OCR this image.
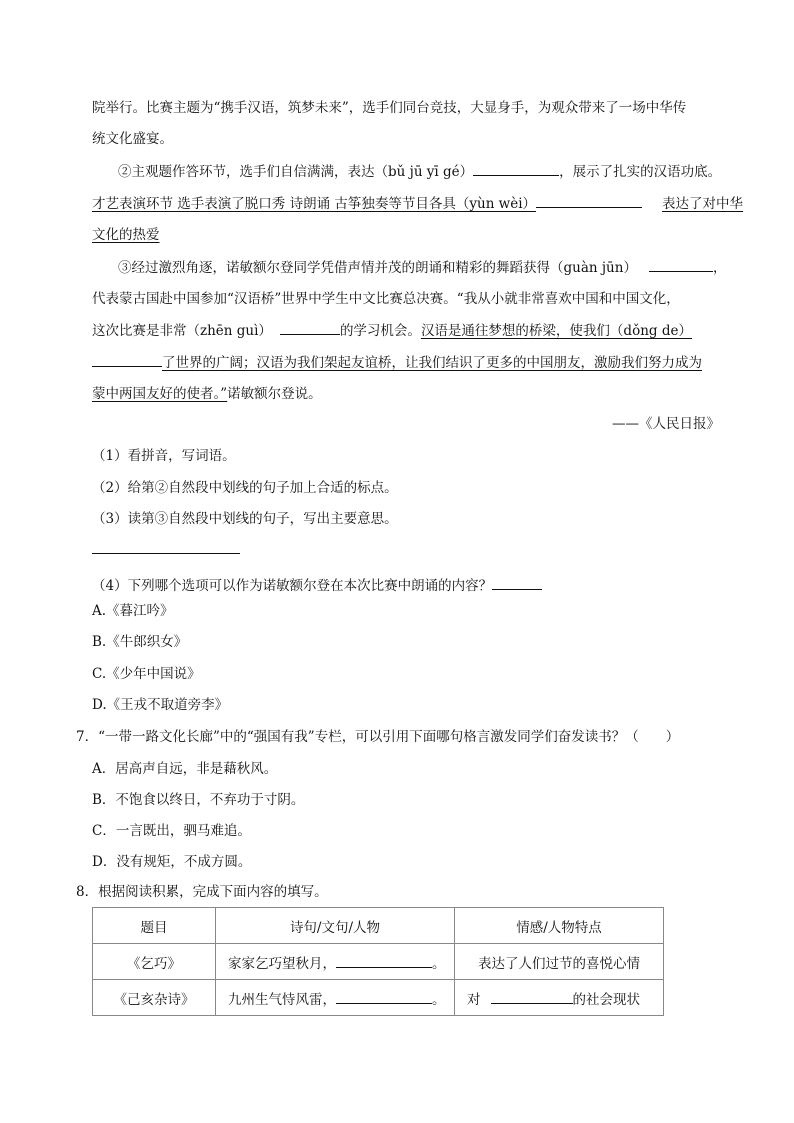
院举行。比赛主题为“携手汉语，筑梦未来”，选手们同台竞技，大显身手，为观众带来了一场中华传
统文化盛宴。
②主观题作答环节，选手们自信满满，表达（bǔ jū yī gé）	，展示了扎实的汉语功底。
才艺表演环节 选手表演了脱口秀 诗朗诵 古筝独奏等节目各具（yùn wèi）	表达了对中华
文化的热爱
③经过激烈角逐，诺敏额尔登同学凭借声情并茂的朗诵和精彩的舞蹈获得（guàn jūn）	，
代表蒙古国赴中国参加“汉语桥”世界中学生中文比赛总决赛。“我从小就非常喜欢中国和中国文化，
这次比赛是非常（zhēn guì）	的学习机会。汉语是通往梦想的桥梁，使我们（dǒng de）
了世界的广阔；汉语为我们架起友谊桥，让我们结识了更多的中国朋友，激励我们努力成为
蒙中两国友好的使者。”诺敏额尔登说。
——《人民日报》
（1）看拼音，写词语。
（2）给第②自然段中划线的句子加上合适的标点。
（3）读第③自然段中划线的句子，写出主要意思。
（4）下列哪个选项可以作为诺敏额尔登在本次比赛中朗诵的内容？
A.《暮江吟》
B.《牛郎织女》
C.《少年中国说》
D.《王戎不取道旁李》
7．“一带一路文化长廊”中的“强国有我”专栏，可以引用下面哪句格言激发同学们奋发读书？（　　）
A．居高声自远，非是藉秋风。
B．不饱食以终日，不弃功于寸阴。
C．一言既出，驷马难追。
D．没有规矩，不成方圆。
8．根据阅读积累，完成下面内容的填写。
题目	诗句/文句/人物	情感/人物特点
《乞巧》	家家乞巧望秋月， 。	表达了人们过节的喜悦心情
《己亥杂诗》	九州生气恃风雷， 。	对 的社会现状
